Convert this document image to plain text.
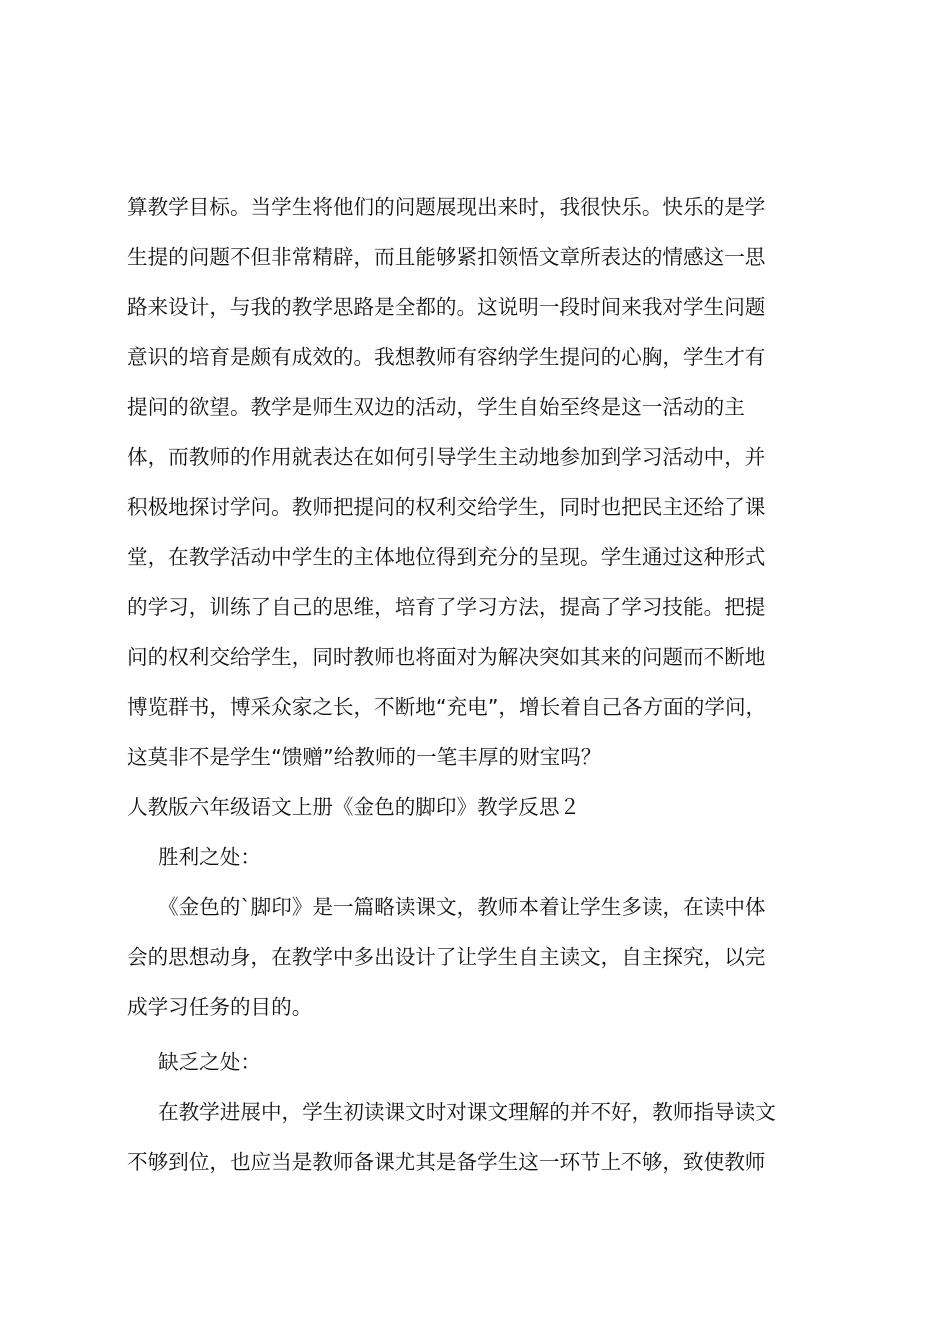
算教学目标。当学生将他们的问题展现出来时，我很快乐。快乐的是学
生提的问题不但非常精辟，而且能够紧扣领悟文章所表达的情感这一思
路来设计，与我的教学思路是全都的。这说明一段时间来我对学生问题
意识的培育是颇有成效的。我想教师有容纳学生提问的心胸，学生才有
提问的欲望。教学是师生双边的活动，学生自始至终是这一活动的主
体，而教师的作用就表达在如何引导学生主动地参加到学习活动中，并
积极地探讨学问。教师把提问的权利交给学生，同时也把民主还给了课
堂，在教学活动中学生的主体地位得到充分的呈现。学生通过这种形式
的学习，训练了自己的思维，培育了学习方法，提高了学习技能。把提
问的权利交给学生，同时教师也将面对为解决突如其来的问题而不断地
博览群书，博采众家之长，不断地“充电”，增长着自己各方面的学问，
这莫非不是学生“馈赠”给教师的一笔丰厚的财宝吗？
人教版六年级语文上册《金色的脚印》教学反思２
胜利之处：
《金色的`脚印》是一篇略读课文，教师本着让学生多读，在读中体
会的思想动身，在教学中多出设计了让学生自主读文，自主探究，以完
成学习任务的目的。
缺乏之处：
在教学进展中，学生初读课文时对课文理解的并不好，教师指导读文
不够到位，也应当是教师备课尤其是备学生这一环节上不够，致使教师
